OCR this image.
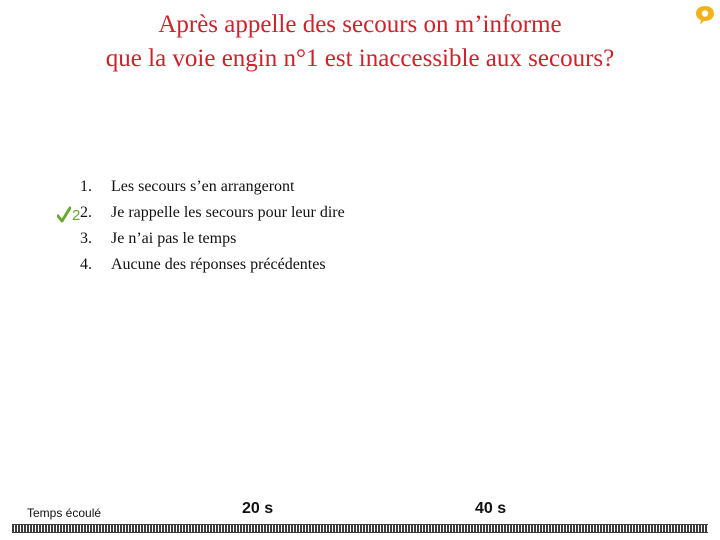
Après appelle des secours on m’informe
que la voie engin n°1 est inaccessible aux secours?
2
1. Les secours s’en arrangeront
2. Je rappelle les secours pour leur dire
3. Je n’ai pas le temps
4. Aucune des réponses précédentes
Temps écoulé	20 s	40 s
